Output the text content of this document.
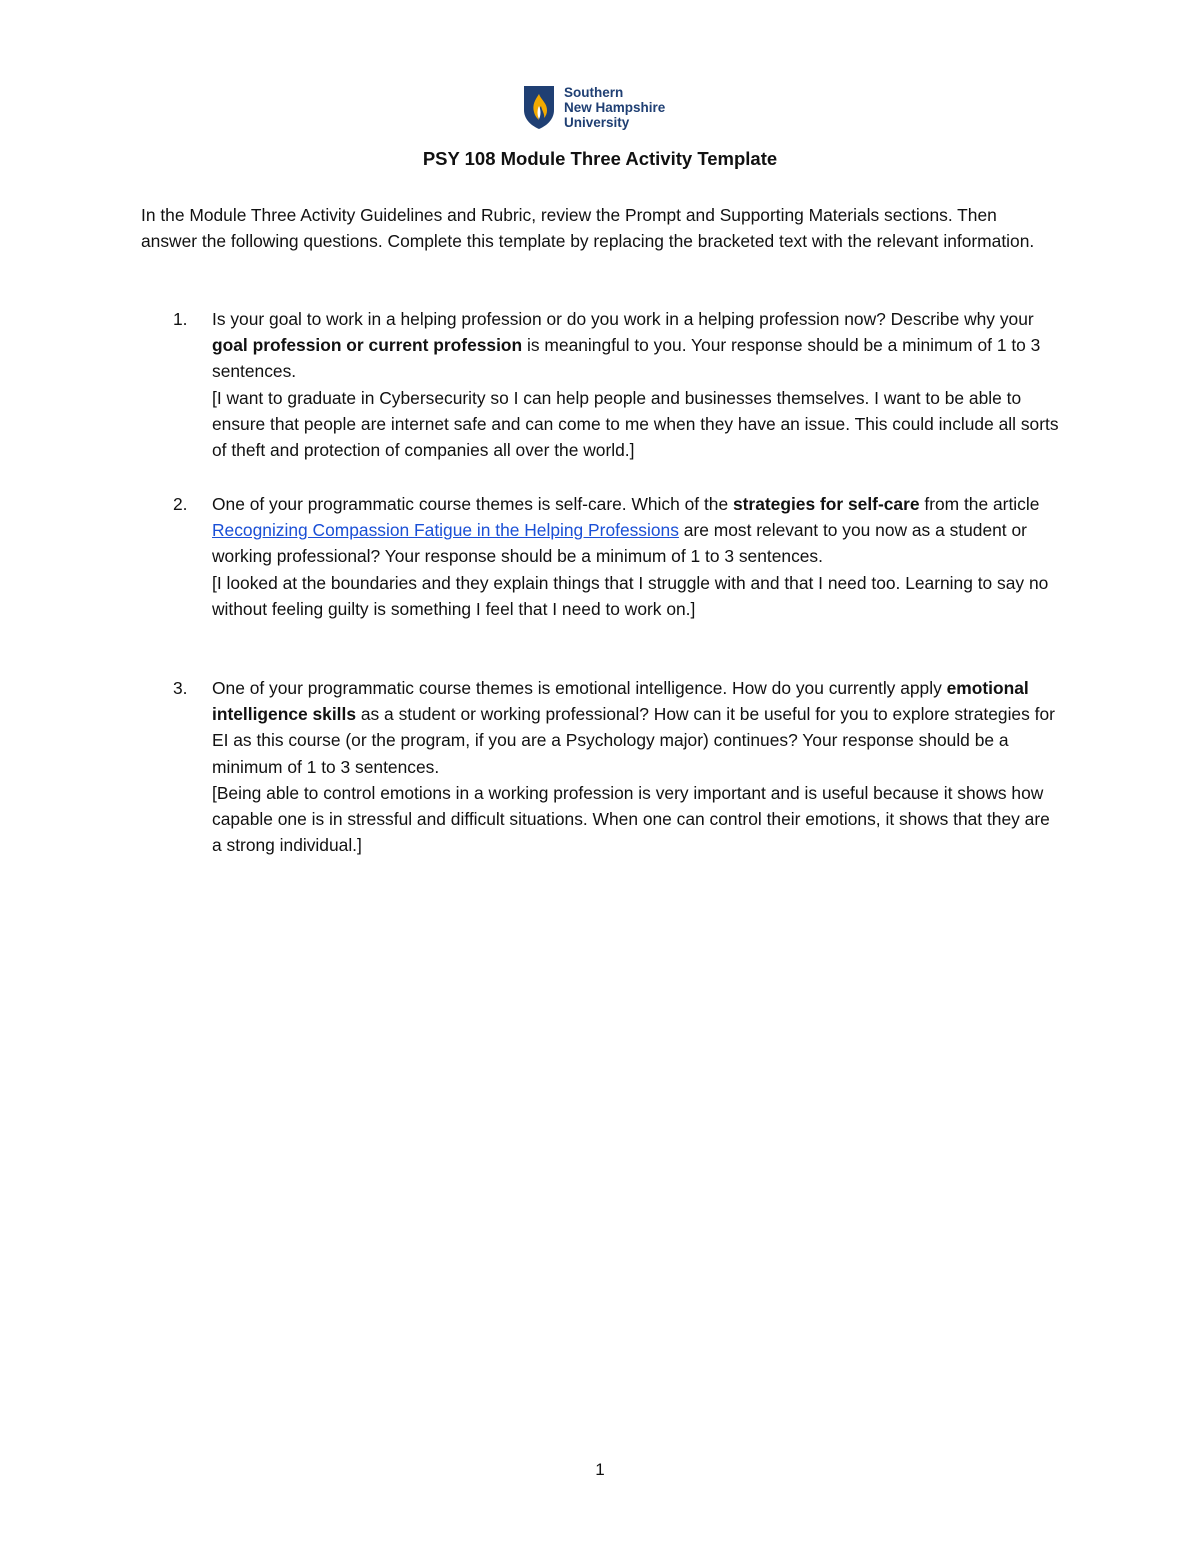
Southern
New Hampshire
University
PSY 108 Module Three Activity Template

In the Module Three Activity Guidelines and Rubric, review the Prompt and Supporting Materials sections. Then answer the following questions. Complete this template by replacing the bracketed text with the relevant information.

1. Is your goal to work in a helping profession or do you work in a helping profession now? Describe why your goal profession or current profession is meaningful to you. Your response should be a minimum of 1 to 3 sentences.

[I want to graduate in Cybersecurity so I can help people and businesses themselves. I want to be able to ensure that people are internet safe and can come to me when they have an issue. This could include all sorts of theft and protection of companies all over the world.]

2. One of your programmatic course themes is self-care. Which of the strategies for self-care from the article Recognizing Compassion Fatigue in the Helping Professions are most relevant to you now as a student or working professional? Your response should be a minimum of 1 to 3 sentences.

[I looked at the boundaries and they explain things that I struggle with and that I need too. Learning to say no without feeling guilty is something I feel that I need to work on.]

3. One of your programmatic course themes is emotional intelligence. How do you currently apply emotional intelligence skills as a student or working professional? How can it be useful for you to explore strategies for EI as this course (or the program, if you are a Psychology major) continues? Your response should be a minimum of 1 to 3 sentences.

[Being able to control emotions in a working profession is very important and is useful because it shows how capable one is in stressful and difficult situations. When one can control their emotions, it shows that they are a strong individual.]

1
